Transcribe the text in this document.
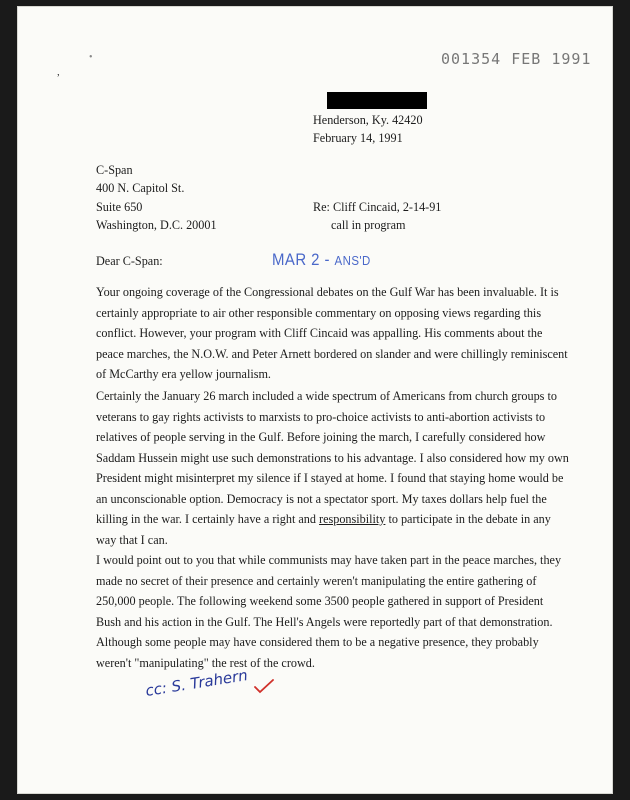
•
,
001354 FEB 1991
Henderson, Ky. 42420
February 14, 1991
C-Span
400 N. Capitol St.
Suite 650
Washington, D.C. 20001
Re: Cliff Cincaid, 2-14-91
call in program
Dear C-Span:	MAR 2 - ANS'D

Your ongoing coverage of the Congressional debates on the Gulf War has been invaluable. It is certainly appropriate to air other responsible commentary on opposing views regarding this conflict. However, your program with Cliff Cincaid was appalling. His comments about the peace marches, the N.O.W. and Peter Arnett bordered on slander and were chillingly reminiscent of McCarthy era yellow journalism.

Certainly the January 26 march included a wide spectrum of Americans from church groups to veterans to gay rights activists to marxists to pro-choice activists to anti-abortion activists to relatives of people serving in the Gulf. Before joining the march, I carefully considered how Saddam Hussein might use such demonstrations to his advantage. I also considered how my own President might misinterpret my silence if I stayed at home. I found that staying home would be an unconscionable option. Democracy is not a spectator sport. My taxes dollars help fuel the killing in the war. I certainly have a right and responsibility to participate in the debate in any way that I can.

I would point out to you that while communists may have taken part in the peace marches, they made no secret of their presence and certainly weren't manipulating the entire gathering of 250,000 people. The following weekend some 3500 people gathered in support of President Bush and his action in the Gulf. The Hell's Angels were reportedly part of that demonstration. Although some people may have considered them to be a negative presence, they probably weren't "manipulating" the rest of the crowd.

cc: S. Trahern
